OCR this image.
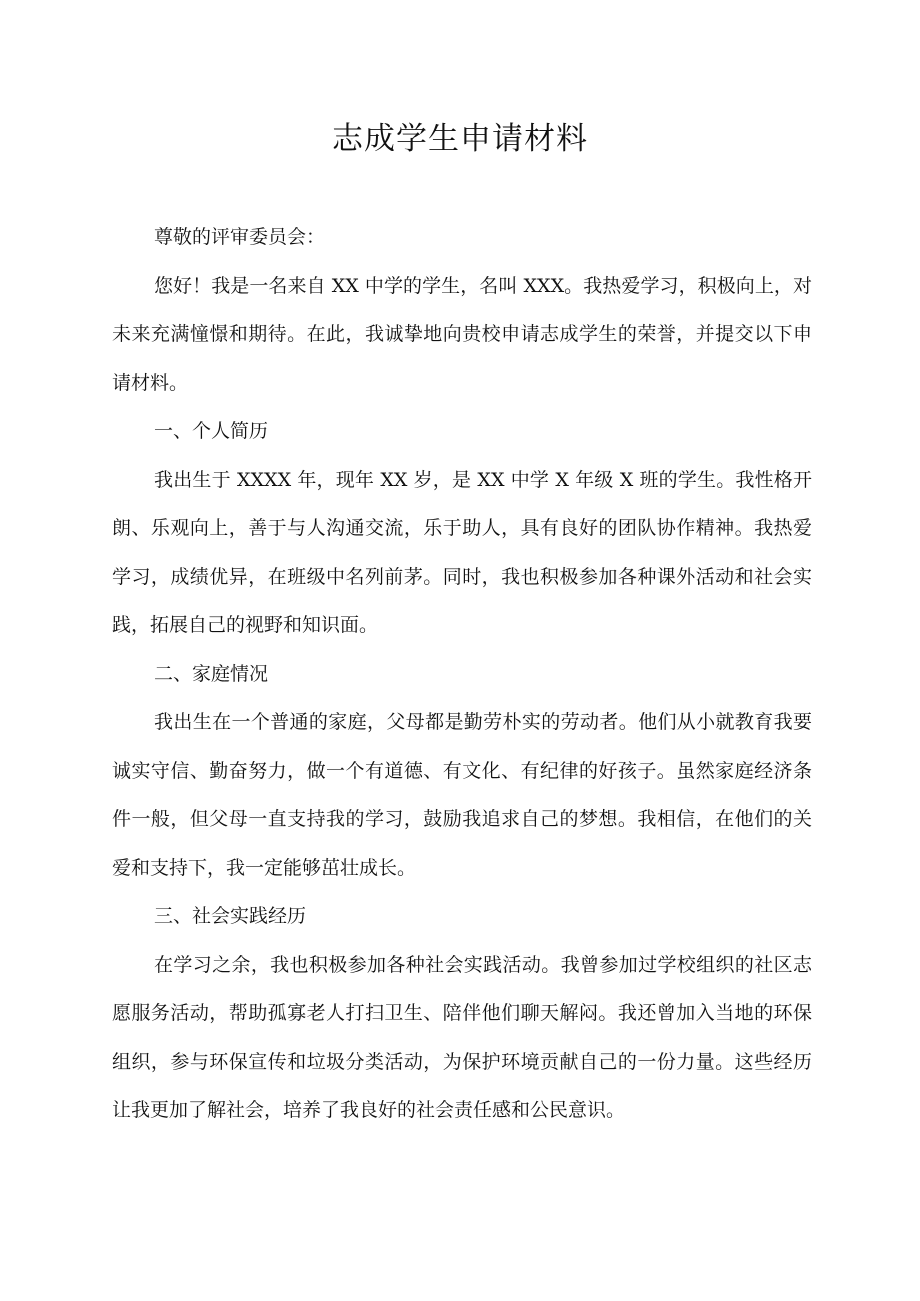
志成学生申请材料

尊敬的评审委员会：

您好！我是一名来自 XX 中学的学生，名叫 XXX。我热爱学习，积极向上，对未来充满憧憬和期待。在此，我诚挚地向贵校申请志成学生的荣誉，并提交以下申请材料。

一、个人简历

我出生于 XXXX 年，现年 XX 岁，是 XX 中学 X 年级 X 班的学生。我性格开朗、乐观向上，善于与人沟通交流，乐于助人，具有良好的团队协作精神。我热爱学习，成绩优异，在班级中名列前茅。同时，我也积极参加各种课外活动和社会实践，拓展自己的视野和知识面。

二、家庭情况

我出生在一个普通的家庭，父母都是勤劳朴实的劳动者。他们从小就教育我要诚实守信、勤奋努力，做一个有道德、有文化、有纪律的好孩子。虽然家庭经济条件一般，但父母一直支持我的学习，鼓励我追求自己的梦想。我相信，在他们的关爱和支持下，我一定能够茁壮成长。

三、社会实践经历

在学习之余，我也积极参加各种社会实践活动。我曾参加过学校组织的社区志愿服务活动，帮助孤寡老人打扫卫生、陪伴他们聊天解闷。我还曾加入当地的环保组织，参与环保宣传和垃圾分类活动，为保护环境贡献自己的一份力量。这些经历让我更加了解社会，培养了我良好的社会责任感和公民意识。
